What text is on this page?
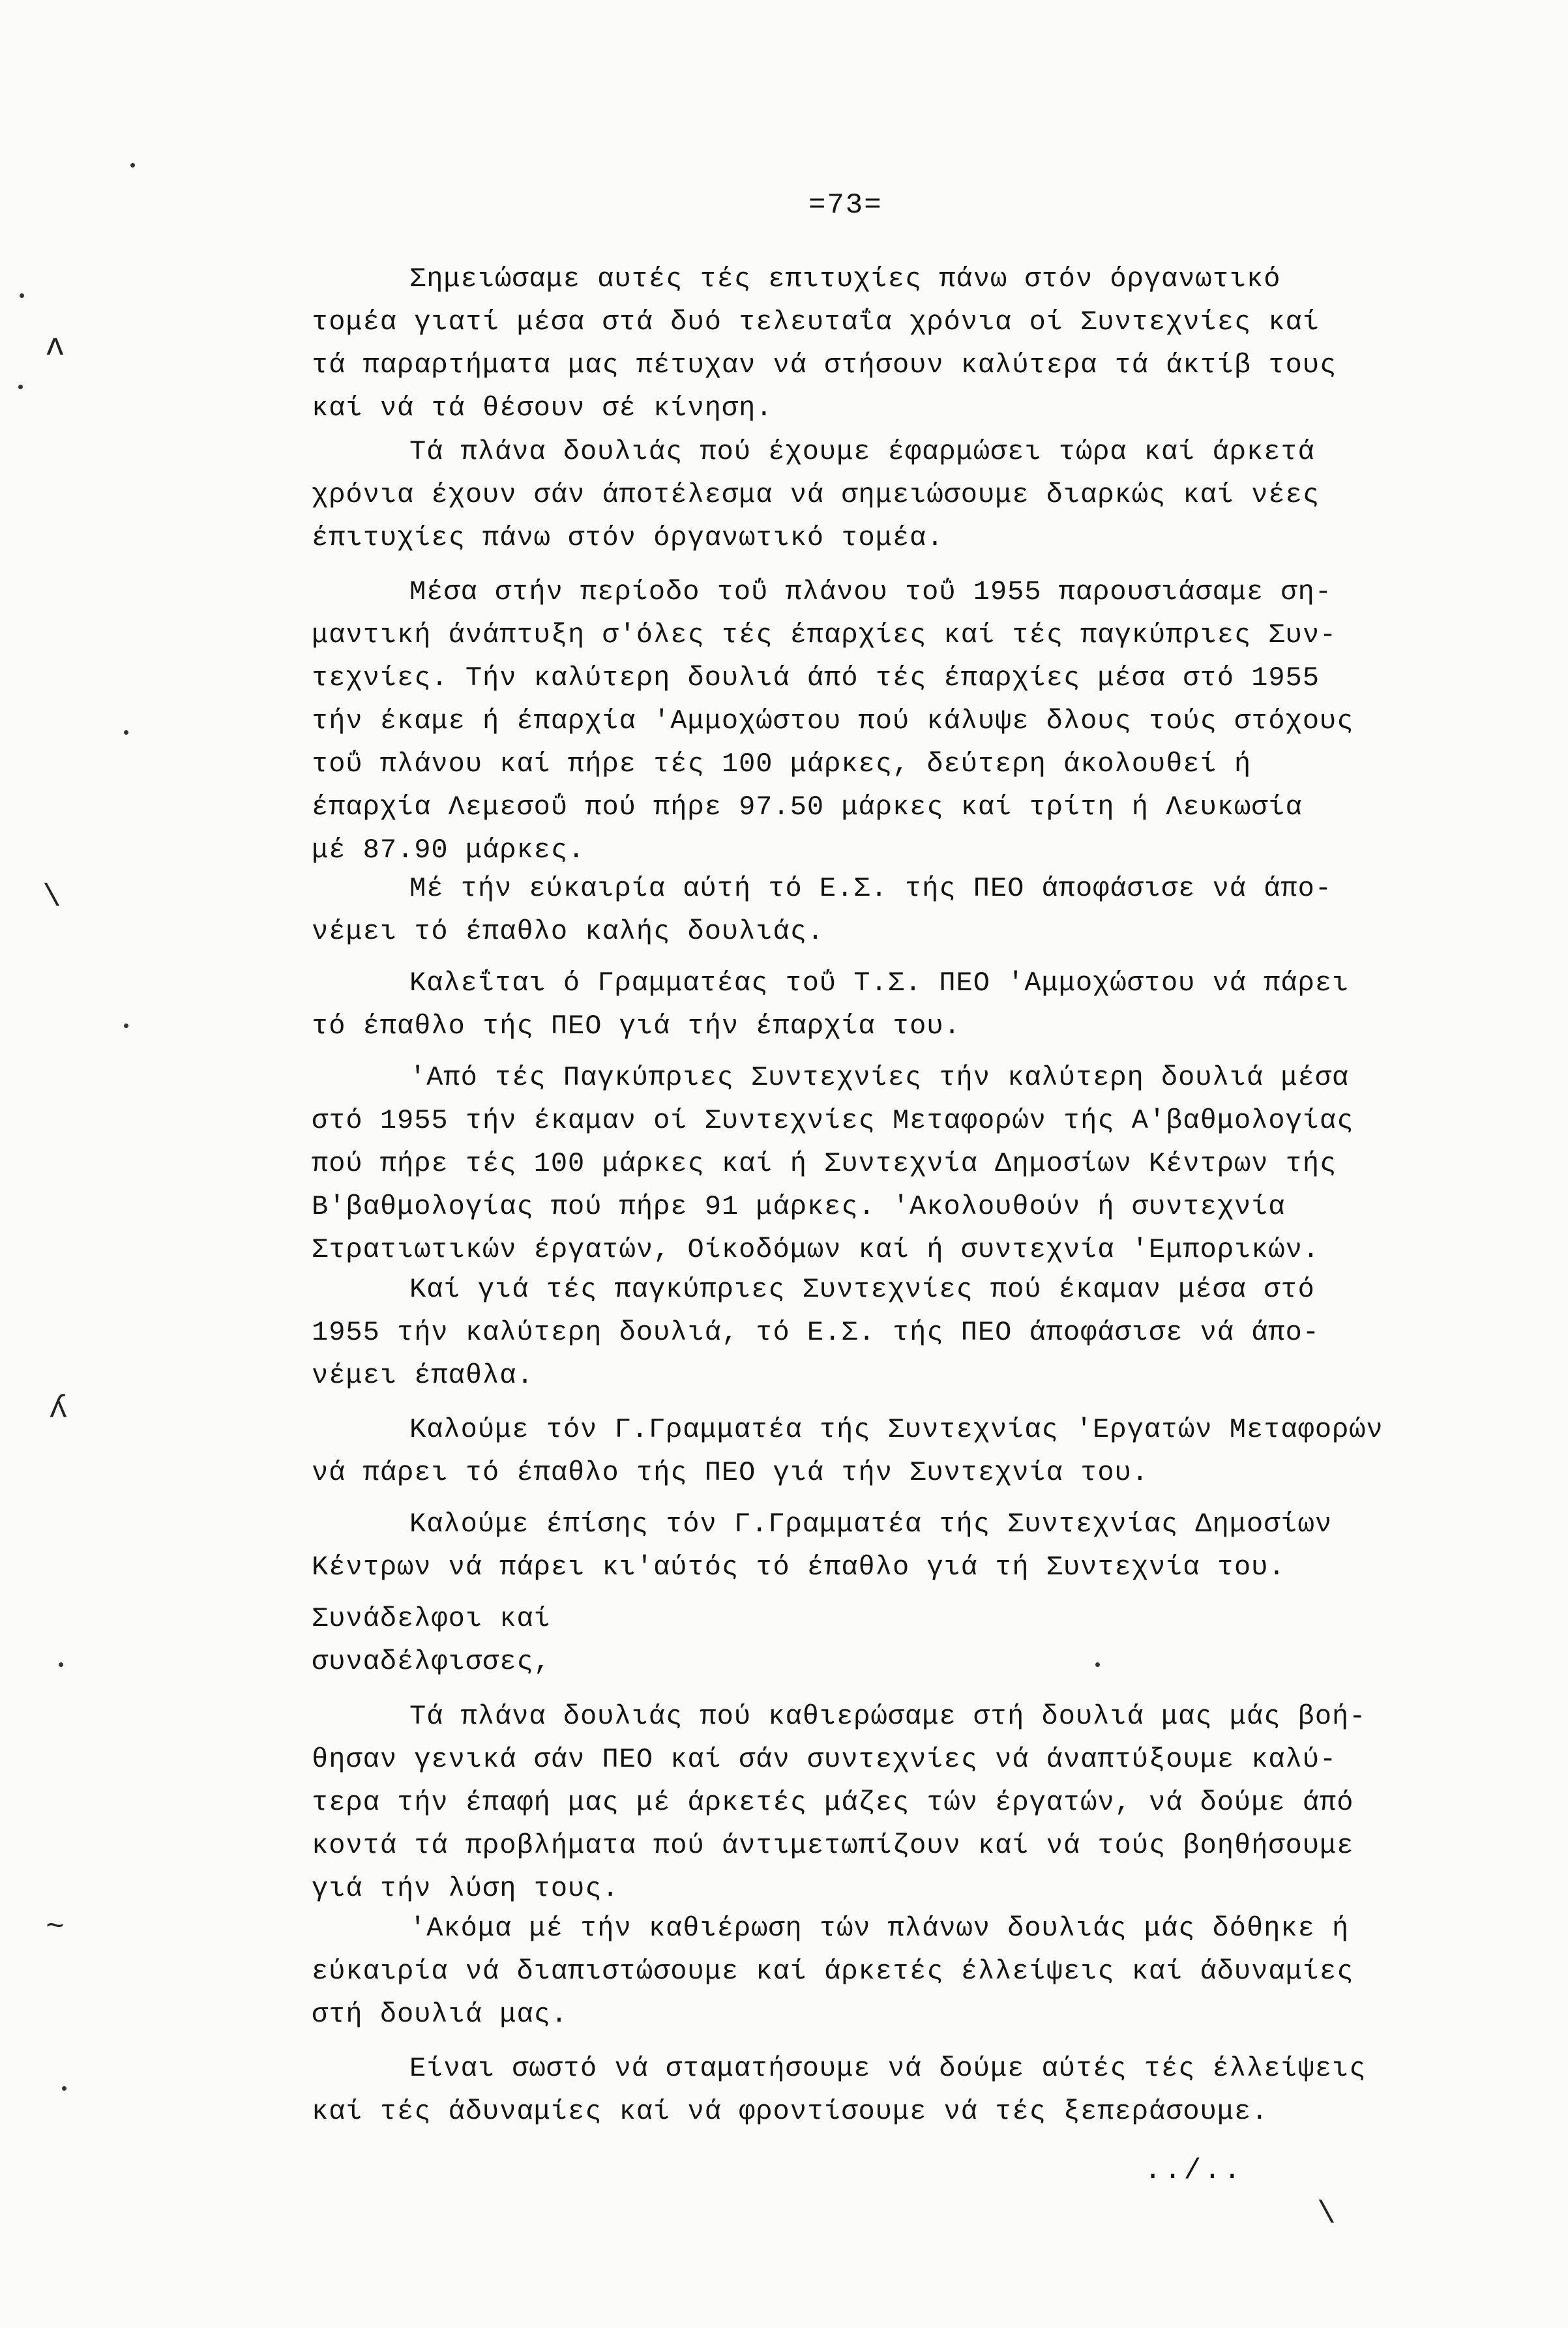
=73=

Σημειώσαμε αυτές τές επιτυχίες πάνω στόν όργανωτικό
τομέα γιατί μέσα στά δυό τελευταΐα χρόνια οί Συντεχνίες καί
τά παραρτήματα μας πέτυχαν νά στήσουν καλύτερα τά άκτίβ τους
καί νά τά θέσουν σέ κίνηση.

Τά πλάνα δουλιάς πού έχουμε έφαρμώσει τώρα καί άρκετά
χρόνια έχουν σάν άποτέλεσμα νά σημειώσουμε διαρκώς καί νέες
έπιτυχίες πάνω στόν όργανωτικό τομέα.

Μέσα στήν περίοδο τοΰ πλάνου τοΰ 1955 παρουσιάσαμε ση-
μαντική άνάπτυξη σ'όλες τές έπαρχίες καί τές παγκύπριες Συν-
τεχνίες. Τήν καλύτερη δουλιά άπό τές έπαρχίες μέσα στό 1955
τήν έκαμε ή έπαρχία 'Αμμοχώστου πού κάλυψε δλους τούς στόχους
τοΰ πλάνου καί πήρε τές 100 μάρκες, δεύτερη άκολουθεί ή
έπαρχία Λεμεσοΰ πού πήρε 97.50 μάρκες καί τρίτη ή Λευκωσία
μέ 87.90 μάρκες.

Μέ τήν εύκαιρία αύτή τό Ε.Σ. τής ΠΕΟ άποφάσισε νά άπο-
νέμει τό έπαθλο καλής δουλιάς.

Καλεΐται ό Γραμματέας τοΰ Τ.Σ. ΠΕΟ 'Αμμοχώστου νά πάρει
τό έπαθλο τής ΠΕΟ γιά τήν έπαρχία του.

'Από τές Παγκύπριες Συντεχνίες τήν καλύτερη δουλιά μέσα
στό 1955 τήν έκαμαν οί Συντεχνίες Μεταφορών τής Α'βαθμολογίας
πού πήρε τές 100 μάρκες καί ή Συντεχνία Δημοσίων Κέντρων τής
Β'βαθμολογίας πού πήρε 91 μάρκες. 'Ακολουθούν ή συντεχνία
Στρατιωτικών έργατών, Οίκοδόμων καί ή συντεχνία 'Εμπορικών.

Καί γιά τές παγκύπριες Συντεχνίες πού έκαμαν μέσα στό
1955 τήν καλύτερη δουλιά, τό Ε.Σ. τής ΠΕΟ άποφάσισε νά άπο-
νέμει έπαθλα.

Καλούμε τόν Γ.Γραμματέα τής Συντεχνίας 'Εργατών Μεταφορών
νά πάρει τό έπαθλο τής ΠΕΟ γιά τήν Συντεχνία του.

Καλούμε έπίσης τόν Γ.Γραμματέα τής Συντεχνίας Δημοσίων
Κέντρων νά πάρει κι'αύτός τό έπαθλο γιά τή Συντεχνία του.

Συνάδελφοι καί
συναδέλφισσες,

Τά πλάνα δουλιάς πού καθιερώσαμε στή δουλιά μας μάς βοή-
θησαν γενικά σάν ΠΕΟ καί σάν συντεχνίες νά άναπτύξουμε καλύ-
τερα τήν έπαφή μας μέ άρκετές μάζες τών έργατών, νά δούμε άπό
κοντά τά προβλήματα πού άντιμετωπίζουν καί νά τούς βοηθήσουμε
γιά τήν λύση τους.

'Ακόμα μέ τήν καθιέρωση τών πλάνων δουλιάς μάς δόθηκε ή
εύκαιρία νά διαπιστώσουμε καί άρκετές έλλείψεις καί άδυναμίες
στή δουλιά μας.

Είναι σωστό νά σταματήσουμε νά δούμε αύτές τές έλλείψεις
καί τές άδυναμίες καί νά φροντίσουμε νά τές ξεπεράσουμε.

../..
ʌ
\
ʎ
~
\
